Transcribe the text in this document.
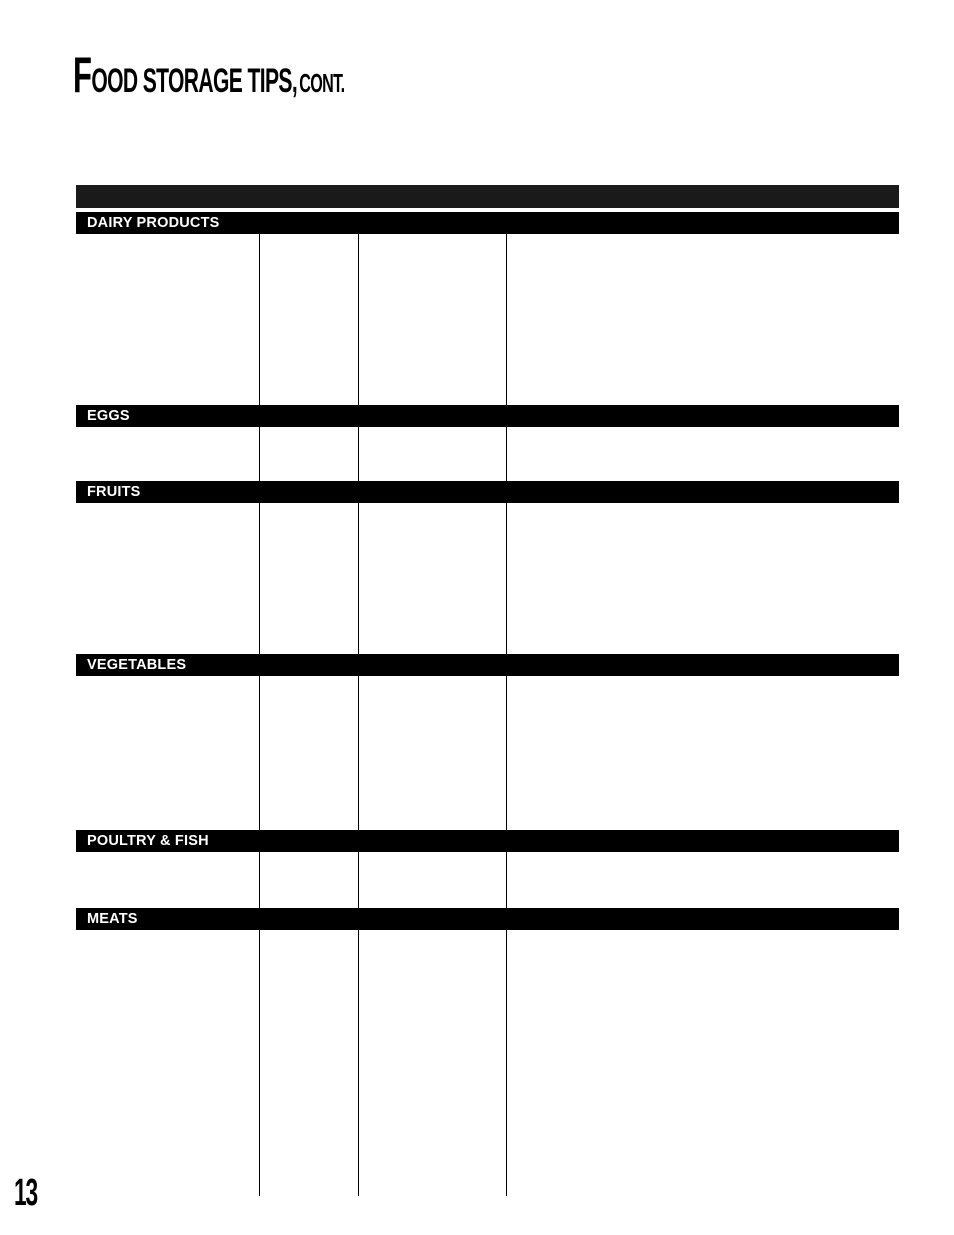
FOOD STORAGE TIPS, CONT.
DAIRY PRODUCTS
EGGS
FRUITS
VEGETABLES
POULTRY & FISH
MEATS
13
